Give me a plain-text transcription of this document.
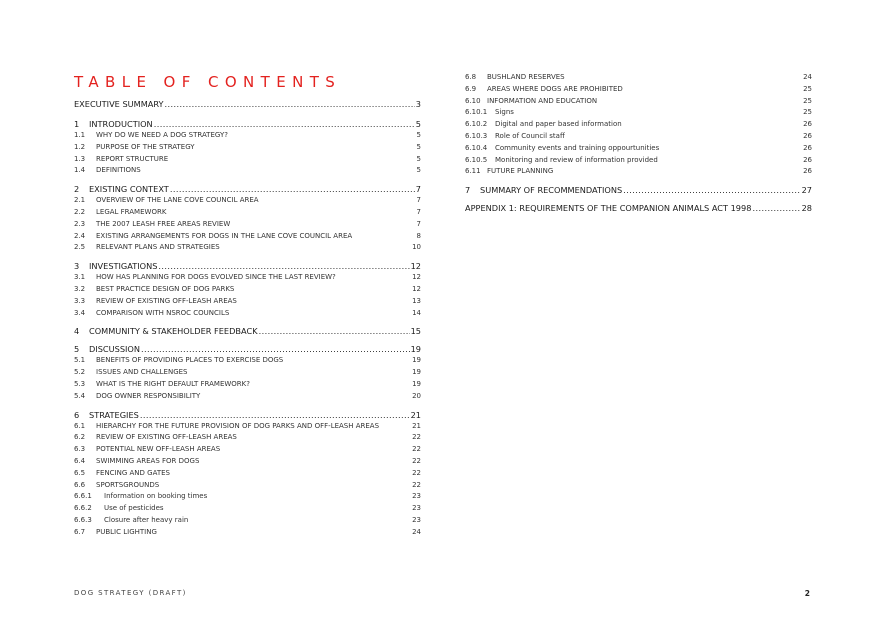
TABLE OF CONTENTS
EXECUTIVE SUMMARY .....	3
1	INTRODUCTION .....	5
1.1	WHY DO WE NEED A DOG STRATEGY?	5
1.2	PURPOSE OF THE STRATEGY	5
1.3	REPORT STRUCTURE	5
1.4	DEFINITIONS	5
2	EXISTING CONTEXT .....	7
2.1	OVERVIEW OF THE LANE COVE COUNCIL AREA	7
2.2	LEGAL FRAMEWORK	7
2.3	THE 2007 LEASH FREE AREAS REVIEW	7
2.4	EXISTING ARRANGEMENTS FOR DOGS IN THE LANE COVE COUNCIL AREA	8
2.5	RELEVANT PLANS AND STRATEGIES	10
3	INVESTIGATIONS .....	12
3.1	HOW HAS PLANNING FOR DOGS EVOLVED SINCE THE LAST REVIEW?	12
3.2	BEST PRACTICE DESIGN OF DOG PARKS	12
3.3	REVIEW OF EXISTING OFF-LEASH AREAS	13
3.4	COMPARISON WITH NSROC COUNCILS	14
4	COMMUNITY & STAKEHOLDER FEEDBACK .....	15
5	DISCUSSION .....	19
5.1	BENEFITS OF PROVIDING PLACES TO EXERCISE DOGS	19
5.2	ISSUES AND CHALLENGES	19
5.3	WHAT IS THE RIGHT DEFAULT FRAMEWORK?	19
5.4	DOG OWNER RESPONSIBILITY	20
6	STRATEGIES .....	21
6.1	HIERARCHY FOR THE FUTURE PROVISION OF DOG PARKS AND OFF-LEASH AREAS	21
6.2	REVIEW OF EXISTING OFF-LEASH AREAS	22
6.3	POTENTIAL NEW OFF-LEASH AREAS	22
6.4	SWIMMING AREAS FOR DOGS	22
6.5	FENCING AND GATES	22
6.6	SPORTSGROUNDS	22
6.6.1	Information on booking times	23
6.6.2	Use of pesticides	23
6.6.3	Closure after heavy rain	23
6.7	PUBLIC LIGHTING	24
6.8	BUSHLAND RESERVES	24
6.9	AREAS WHERE DOGS ARE PROHIBITED	25
6.10 INFORMATION AND EDUCATION	25
6.10.1	Signs	25
6.10.2	Digital and paper based information	26
6.10.3	Role of Council staff	26
6.10.4	Community events and training oppourtunities	26
6.10.5	Monitoring and review of information provided	26
6.11 FUTURE PLANNING	26
7	SUMMARY OF RECOMMENDATIONS .....	27
APPENDIX 1: REQUIREMENTS OF THE COMPANION ANIMALS ACT 1998 .....	28
DOG STRATEGY (DRAFT)	2
